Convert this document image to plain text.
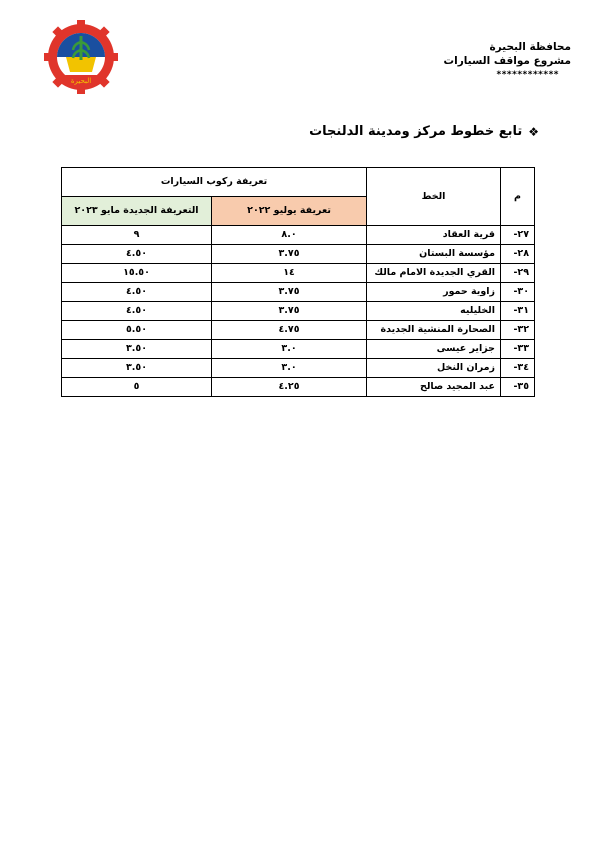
البحيرة
محافظة البحيرة
مشروع مواقف السيارات
************
❖
تابع خطوط مركز ومدينة الدلنجات
م	الخط	تعريفة ركوب السيارات	
		تعريفة يوليو ٢٠٢٢	التعريفة الجديدة مايو ٢٠٢٣
٢٧-	قرية العقاد	٨.٠	٩
٢٨-	مؤسسة البستان	٣.٧٥	٤.٥٠
٢٩-	القري الجديدة الامام مالك	١٤	١٥.٥٠
٣٠-	زاوية حمور	٣.٧٥	٤.٥٠
٣١-	الخليليه	٣.٧٥	٤.٥٠
٣٢-	الصحارة المنشية الجديدة	٤.٧٥	٥.٥٠
٣٣-	جزاير عيسى	٣.٠	٣.٥٠
٣٤-	زمران النخل	٣.٠	٣.٥٠
٣٥-	عبد المجيد صالح	٤.٢٥	٥
